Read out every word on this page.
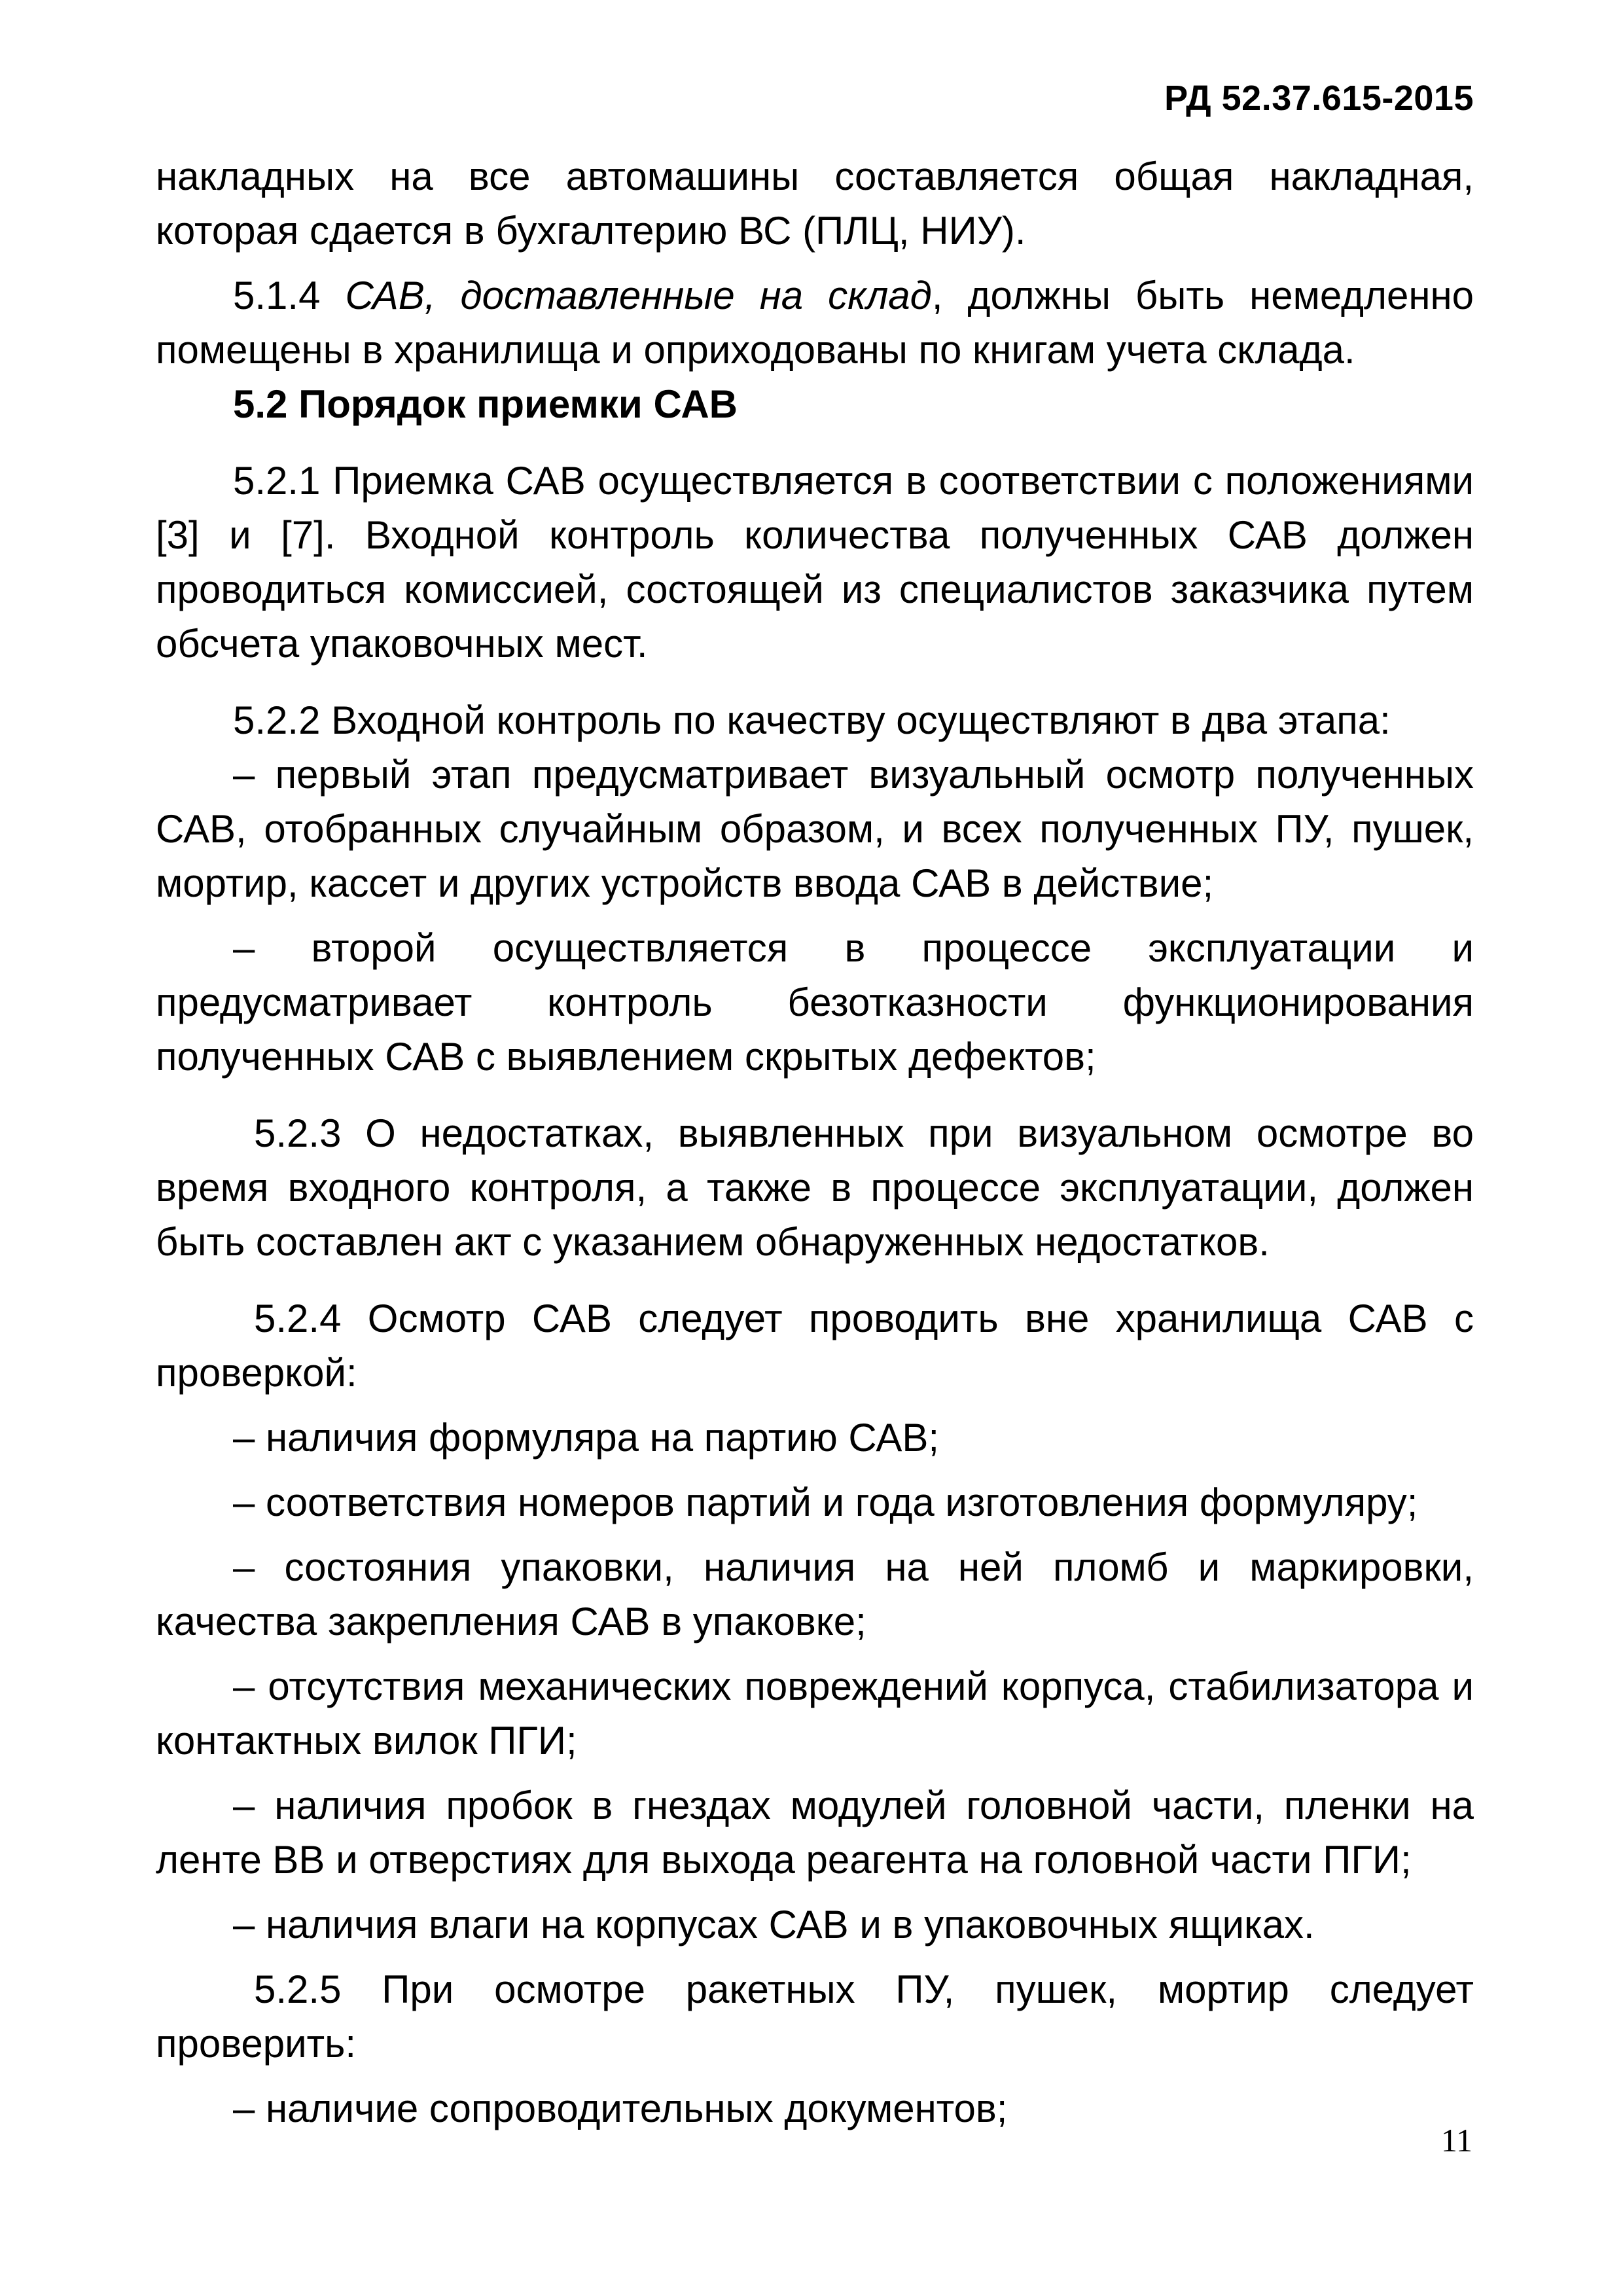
РД 52.37.615-2015

накладных на все автомашины составляется общая накладная, которая сдается в бухгалтерию ВС (ПЛЦ, НИУ).

5.1.4 САВ, доставленные на склад, должны быть немедленно помещены в хранилища и оприходованы по книгам учета склада.

5.2 Порядок приемки САВ

5.2.1 Приемка САВ осуществляется в соответствии с положениями [3] и [7]. Входной контроль количества полученных САВ должен проводиться комиссией, состоящей из специалистов заказчика путем обсчета упаковочных мест.

5.2.2 Входной контроль по качеству осуществляют в два этапа:

– первый этап предусматривает визуальный осмотр полученных САВ, отобранных случайным образом, и всех полученных ПУ, пушек, мортир, кассет и других устройств ввода САВ в действие;

– второй осуществляется в процессе эксплуатации и предусматривает контроль безотказности функционирования полученных САВ с выявлением скрытых дефектов;

5.2.3 О недостатках, выявленных при визуальном осмотре во время входного контроля, а также в процессе эксплуатации, должен быть составлен акт с указанием обнаруженных недостатков.

5.2.4 Осмотр САВ следует проводить вне хранилища САВ с проверкой:

– наличия формуляра на партию САВ;

– соответствия номеров партий и года изготовления формуляру;

– состояния упаковки, наличия на ней пломб и маркировки, качества закрепления САВ в упаковке;

– отсутствия механических повреждений корпуса, стабилизатора и контактных вилок ПГИ;

– наличия пробок в гнездах модулей головной части, пленки на ленте ВВ и отверстиях для выхода реагента на головной части ПГИ;

– наличия влаги на корпусах САВ и в упаковочных ящиках.

5.2.5 При осмотре ракетных ПУ, пушек, мортир следует проверить:

– наличие сопроводительных документов;

11
